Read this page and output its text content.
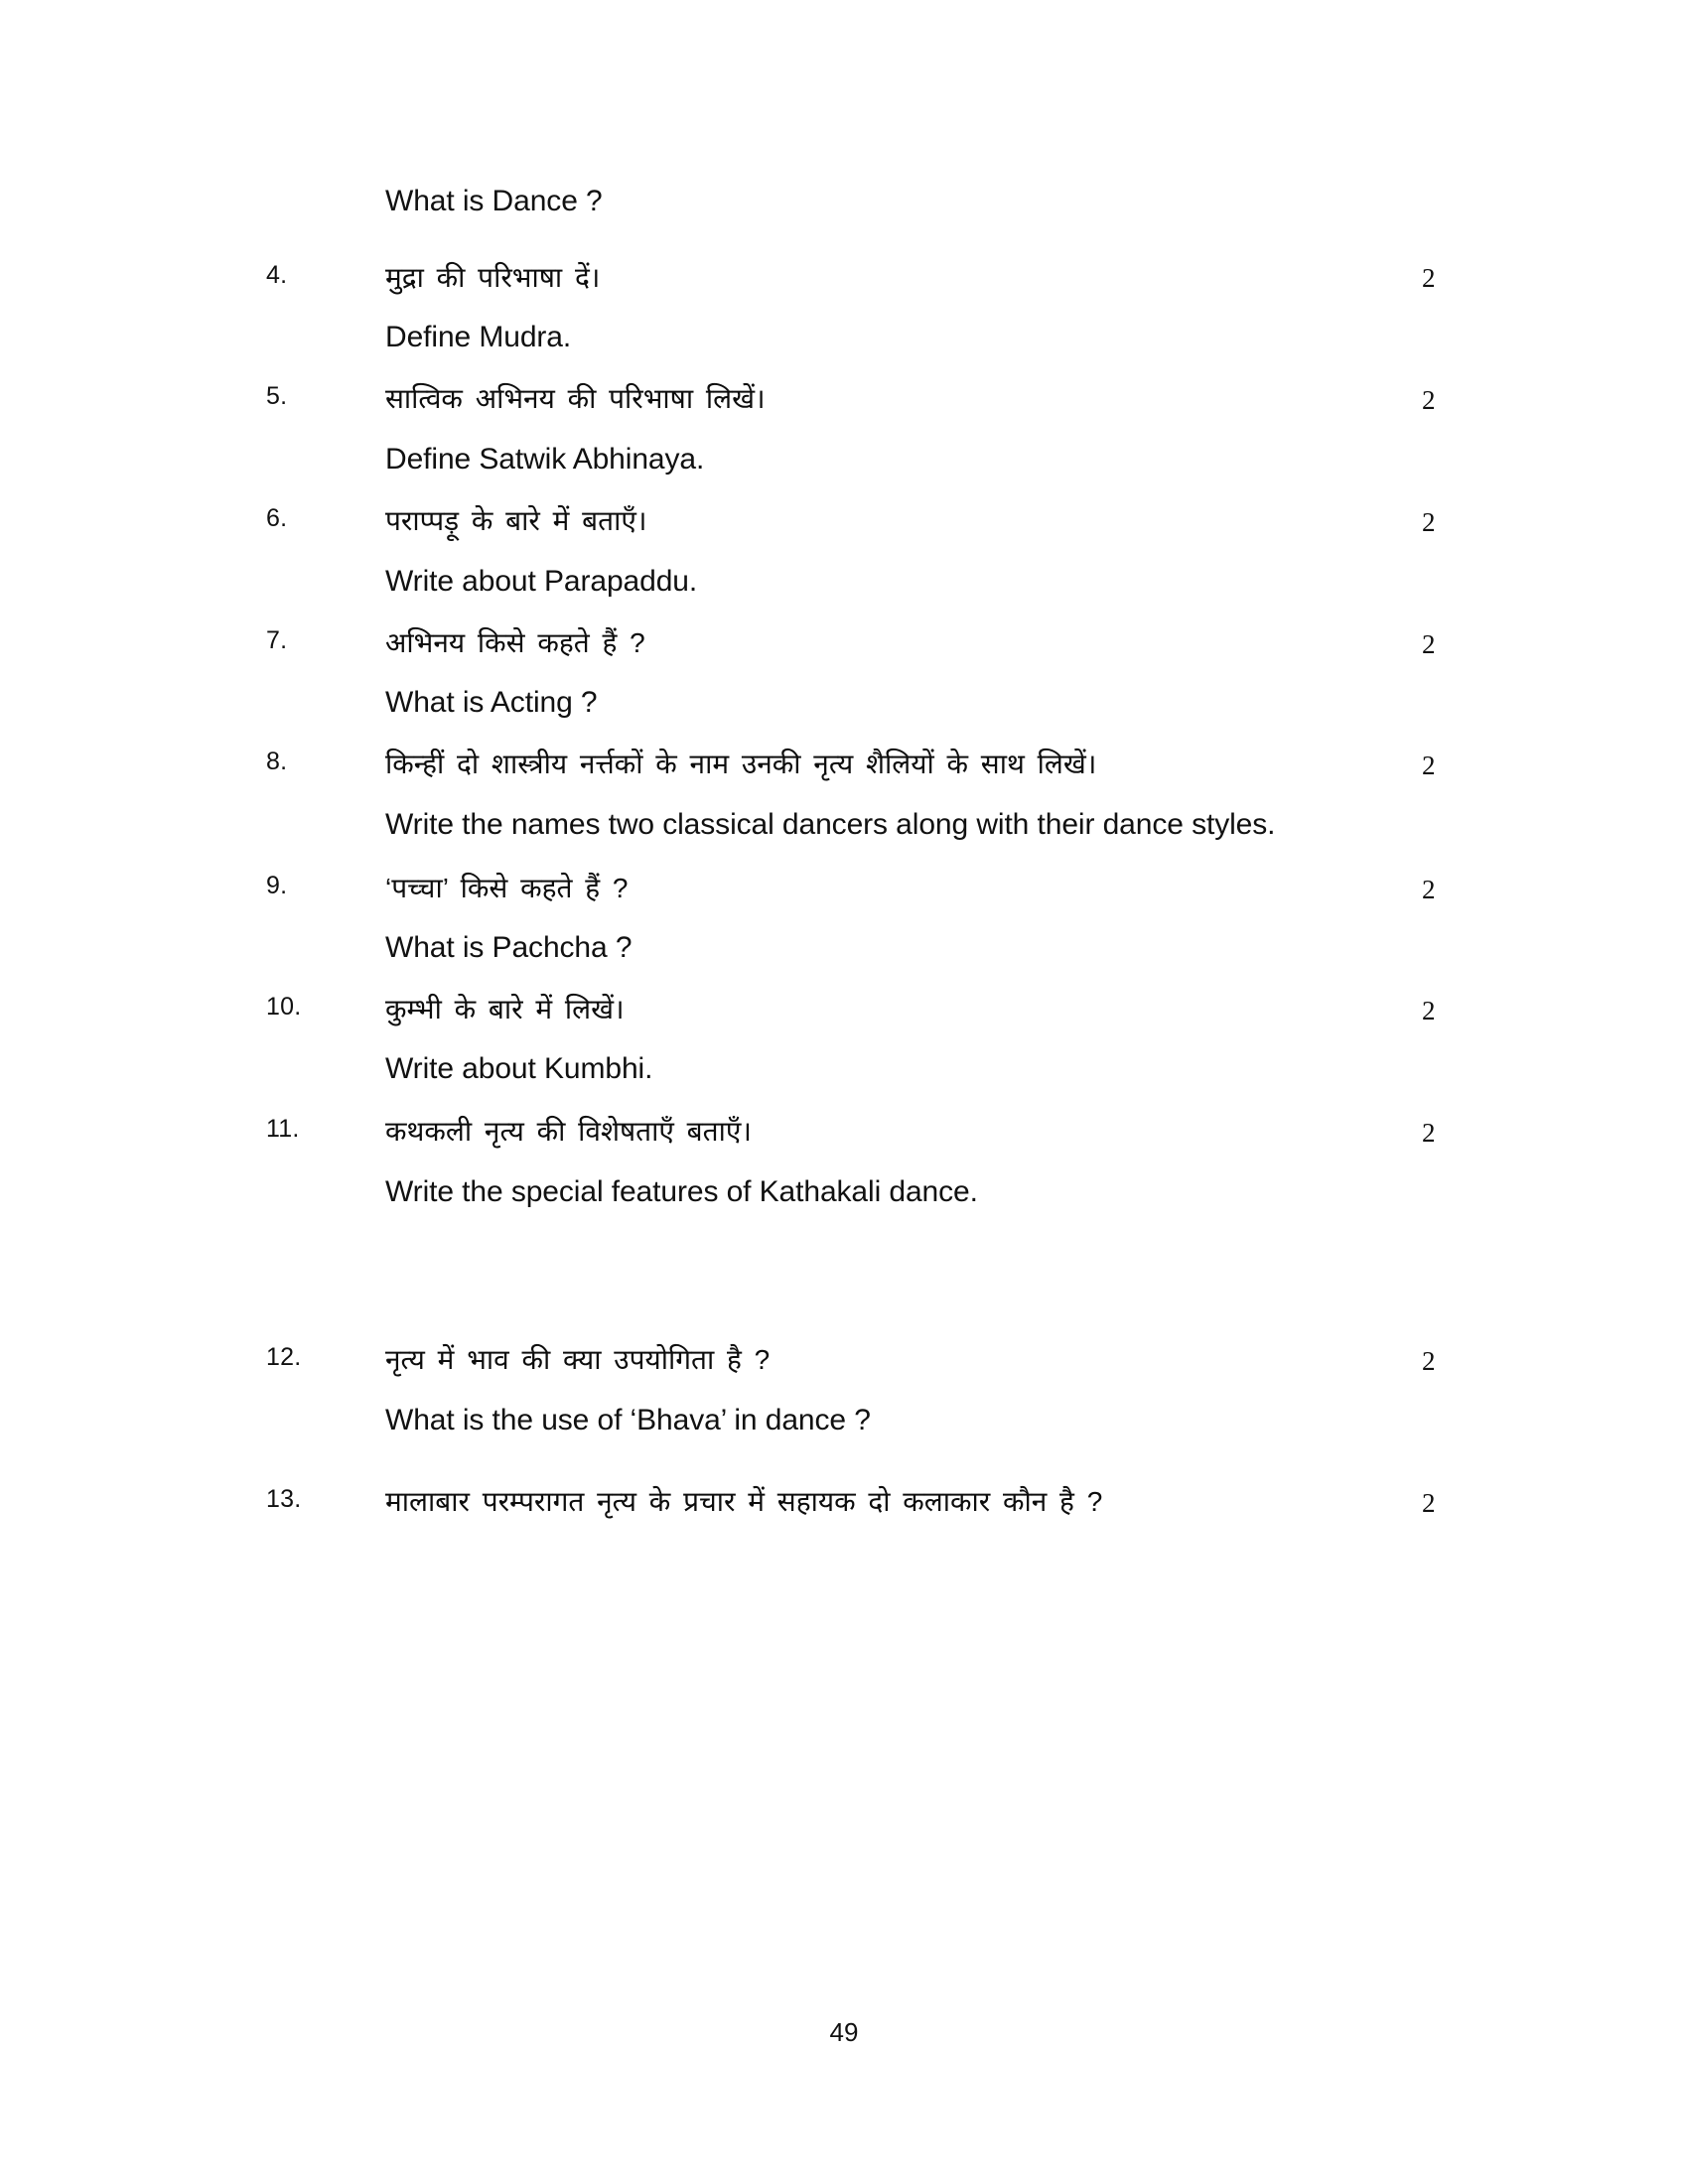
What is Dance ?
4.	मुद्रा की परिभाषा दें।
Define Mudra.
2
5.	सात्विक अभिनय की परिभाषा लिखें।
Define Satwik Abhinaya.
2
6.	पराप्पड़ू के बारे में बताएँ।
Write about Parapaddu.
2
7.	अभिनय किसे कहते हैं ?
What is Acting ?
2
8.	किन्हीं दो शास्त्रीय नर्त्तकों के नाम उनकी नृत्य शैलियों के साथ लिखें।
Write the names two classical dancers along with their dance styles.
2
9.	‘पच्चा’ किसे कहते हैं ?
What is Pachcha ?
2
10.	कुम्भी के बारे में लिखें।
Write about Kumbhi.
2
11.	कथकली नृत्य की विशेषताएँ बताएँ।
Write the special features of Kathakali dance.
2
12.	नृत्य में भाव की क्या उपयोगिता है ?
What is the use of ‘Bhava’ in dance ?
2
13.	मालाबार परम्परागत नृत्य के प्रचार में सहायक दो कलाकार कौन है ?	2
49
